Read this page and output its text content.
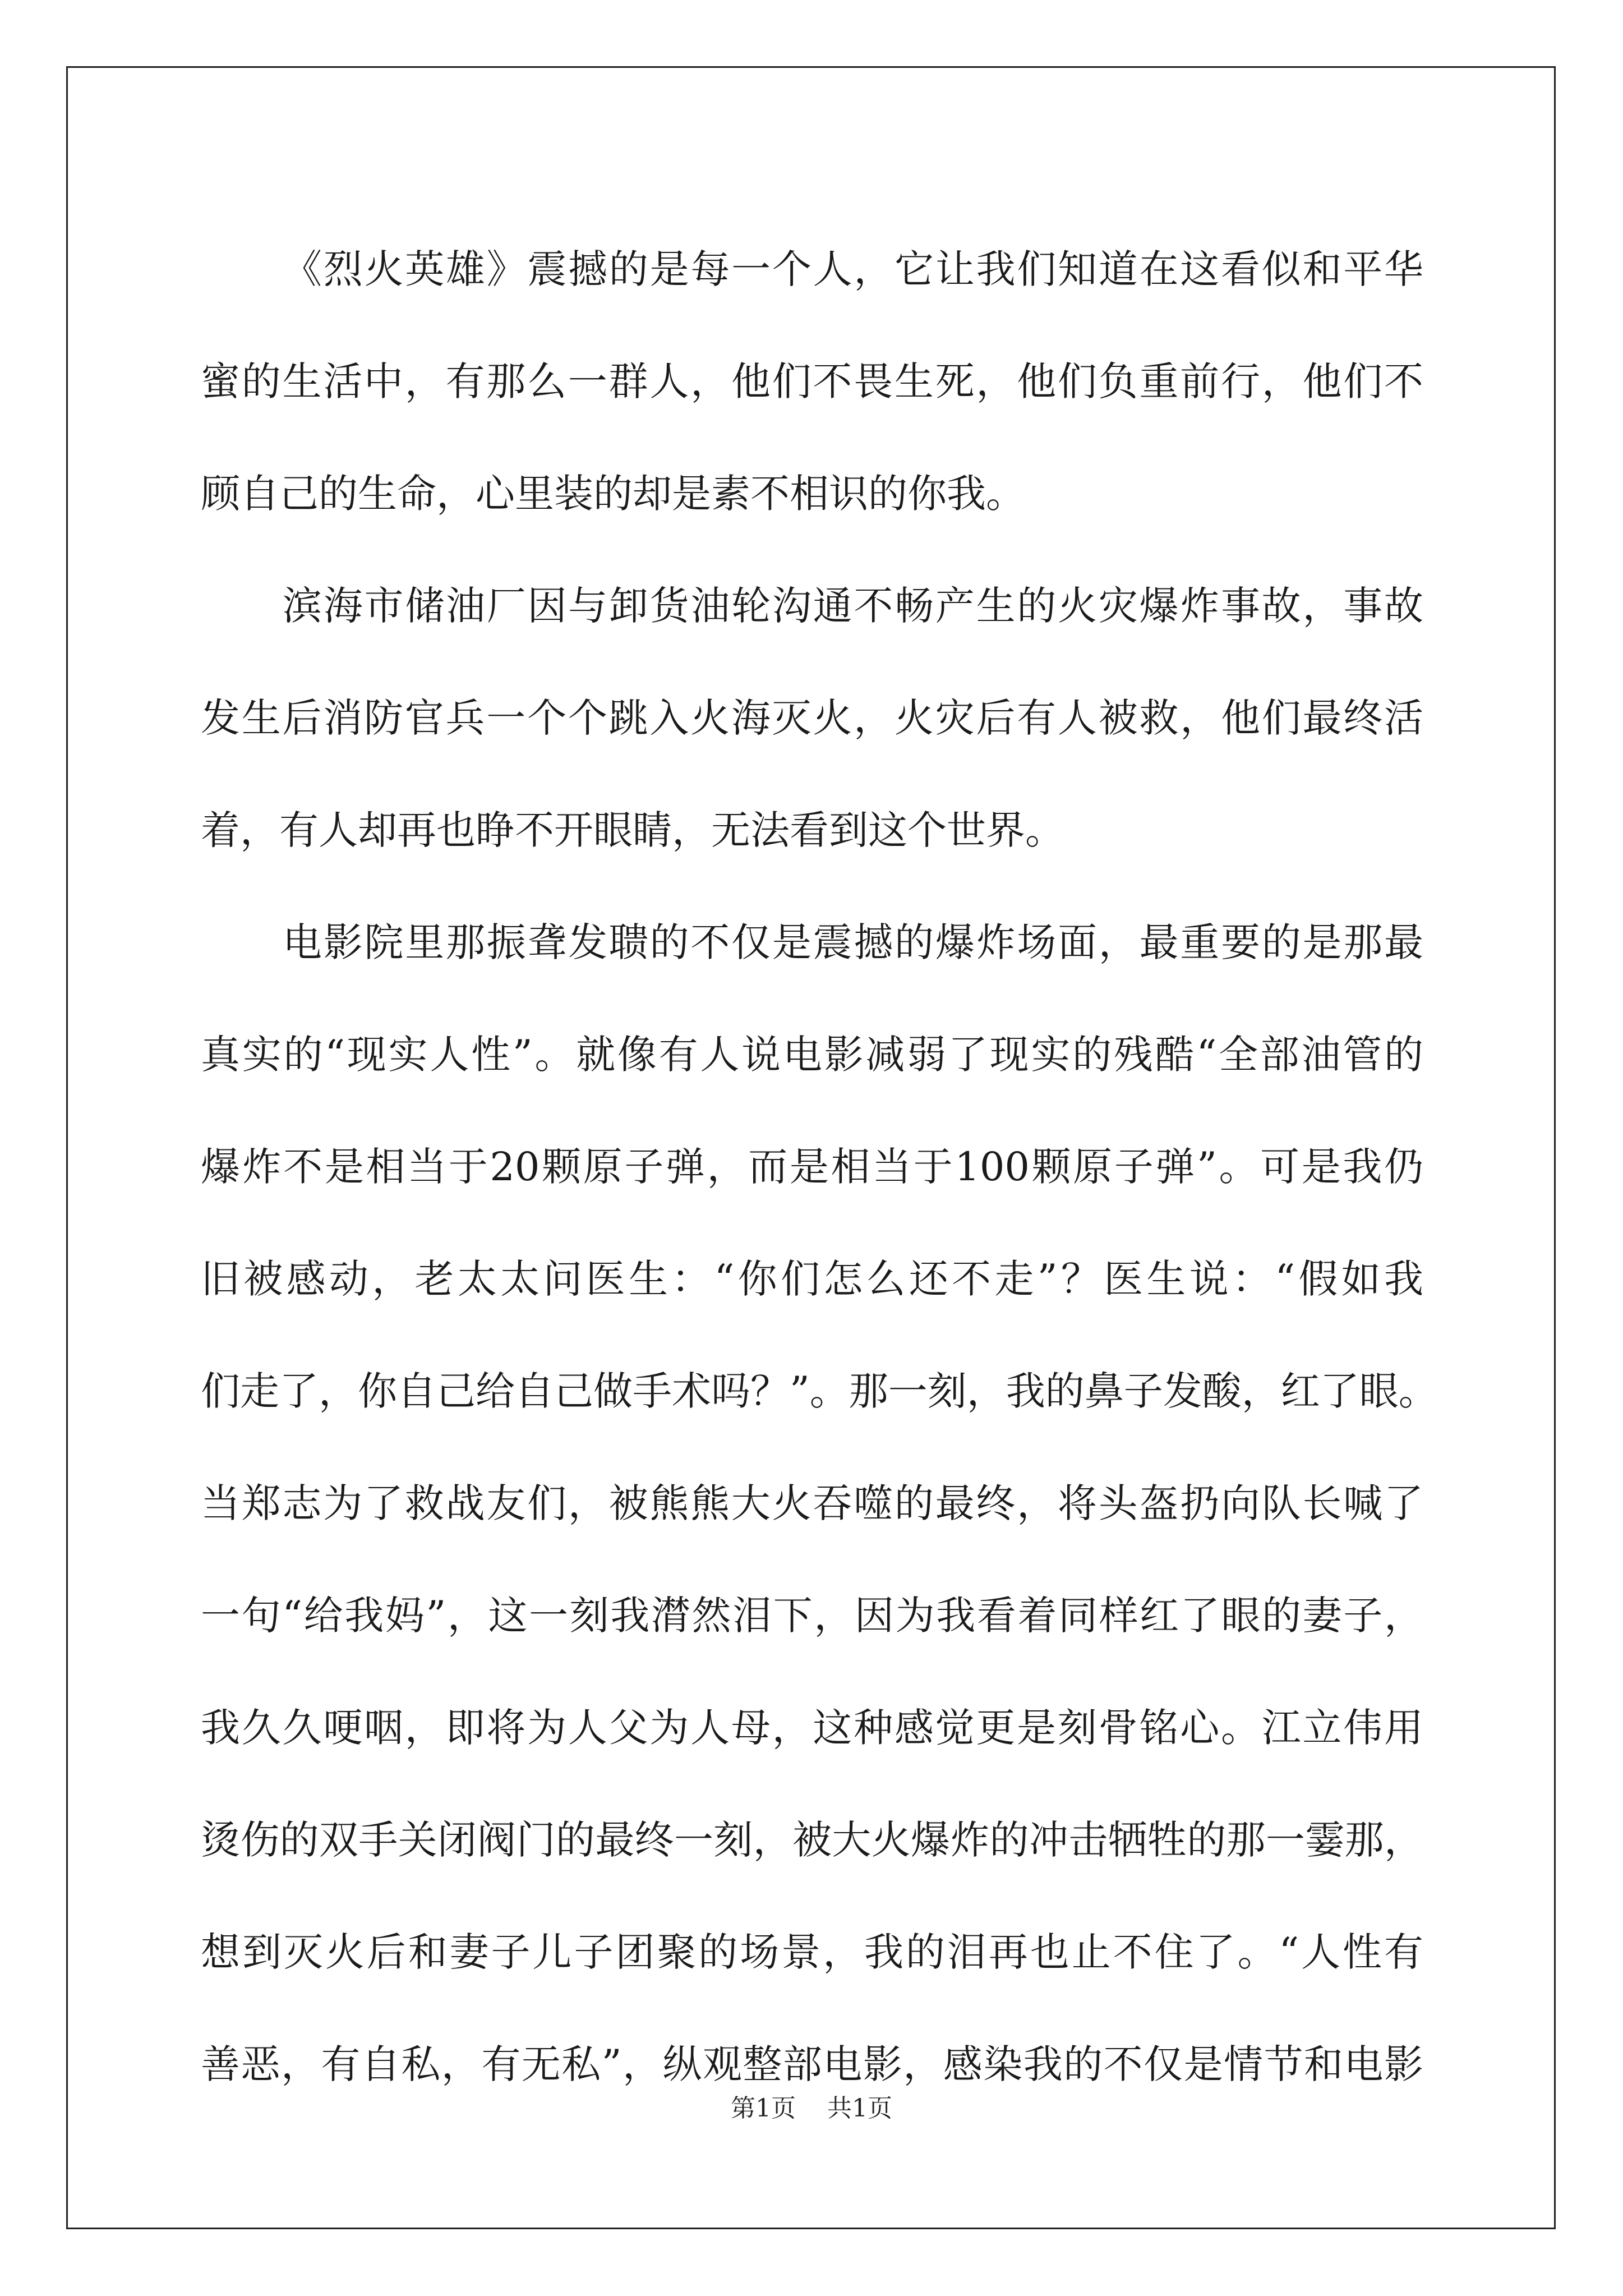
《烈火英雄》震撼的是每一个人，它让我们知道在这看似和平华
蜜的生活中，有那么一群人，他们不畏生死，他们负重前行，他们不
顾自己的生命，心里装的却是素不相识的你我。
滨海市储油厂因与卸货油轮沟通不畅产生的火灾爆炸事故，事故
发生后消防官兵一个个跳入火海灭火，火灾后有人被救，他们最终活
着，有人却再也睁不开眼睛，无法看到这个世界。
电影院里那振聋发聩的不仅是震撼的爆炸场面，最重要的是那最
真实的“现实人性”。就像有人说电影减弱了现实的残酷“全部油管的
爆炸不是相当于20颗原子弹，而是相当于100颗原子弹”。可是我仍
旧被感动，老太太问医生：“你们怎么还不走”？医生说：“假如我
们走了，你自己给自己做手术吗？”。那一刻，我的鼻子发酸，红了眼。
当郑志为了救战友们，被熊熊大火吞噬的最终，将头盔扔向队长喊了
一句“给我妈”，这一刻我潸然泪下，因为我看着同样红了眼的妻子，
我久久哽咽，即将为人父为人母，这种感觉更是刻骨铭心。江立伟用
烫伤的双手关闭阀门的最终一刻，被大火爆炸的冲击牺牲的那一霎那，
想到灭火后和妻子儿子团聚的场景，我的泪再也止不住了。“人性有
善恶，有自私，有无私”，纵观整部电影，感染我的不仅是情节和电影
第1页 共1页
